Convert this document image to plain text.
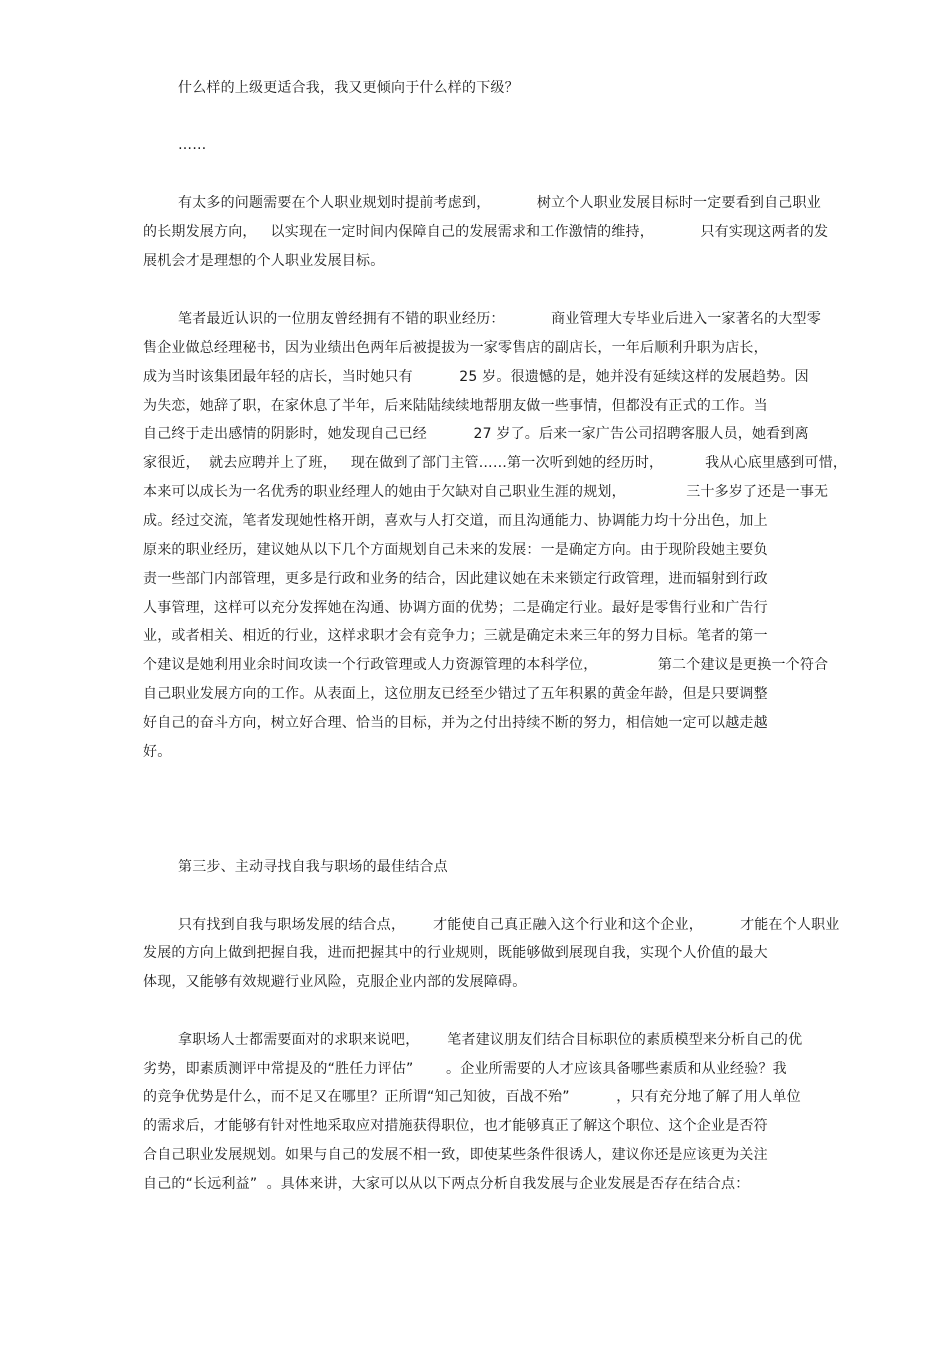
什么样的上级更适合我，我又更倾向于什么样的下级？

……

有太多的问题需要在个人职业规划时提前考虑到，          树立个人职业发展目标时一定要看到自己职业

的长期发展方向，   以实现在一定时间内保障自己的发展需求和工作激情的维持，          只有实现这两者的发

展机会才是理想的个人职业发展目标。

笔者最近认识的一位朋友曾经拥有不错的职业经历：          商业管理大专毕业后进入一家著名的大型零

售企业做总经理秘书，因为业绩出色两年后被提拔为一家零售店的副店长，一年后顺利升职为店长，

成为当时该集团最年轻的店长，当时她只有          25 岁。很遗憾的是，她并没有延续这样的发展趋势。因

为失恋，她辞了职，在家休息了半年，后来陆陆续续地帮朋友做一些事情，但都没有正式的工作。当

自己终于走出感情的阴影时，她发现自己已经          27 岁了。后来一家广告公司招聘客服人员，她看到离

家很近，  就去应聘并上了班，   现在做到了部门主管……第一次听到她的经历时，         我从心底里感到可惜，

本来可以成长为一名优秀的职业经理人的她由于欠缺对自己职业生涯的规划，             三十多岁了还是一事无

成。经过交流，笔者发现她性格开朗，喜欢与人打交道，而且沟通能力、协调能力均十分出色，加上

原来的职业经历，建议她从以下几个方面规划自己未来的发展：一是确定方向。由于现阶段她主要负

责一些部门内部管理，更多是行政和业务的结合，因此建议她在未来锁定行政管理，进而辐射到行政

人事管理，这样可以充分发挥她在沟通、协调方面的优势；二是确定行业。最好是零售行业和广告行

业，或者相关、相近的行业，这样求职才会有竞争力；三就是确定未来三年的努力目标。笔者的第一

个建议是她利用业余时间攻读一个行政管理或人力资源管理的本科学位，             第二个建议是更换一个符合

自己职业发展方向的工作。从表面上，这位朋友已经至少错过了五年积累的黄金年龄，但是只要调整

好自己的奋斗方向，树立好合理、恰当的目标，并为之付出持续不断的努力，相信她一定可以越走越

好。

第三步、主动寻找自我与职场的最佳结合点

只有找到自我与职场发展的结合点，      才能使自己真正融入这个行业和这个企业，        才能在个人职业

发展的方向上做到把握自我，进而把握其中的行业规则，既能够做到展现自我，实现个人价值的最大

体现，又能够有效规避行业风险，克服企业内部的发展障碍。

拿职场人士都需要面对的求职来说吧，      笔者建议朋友们结合目标职位的素质模型来分析自己的优

劣势，即素质测评中常提及的“胜任力评估”       。企业所需要的人才应该具备哪些素质和从业经验？我

的竞争优势是什么，而不足又在哪里？正所谓“知己知彼，百战不殆”          ，只有充分地了解了用人单位

的需求后，才能够有针对性地采取应对措施获得职位，也才能够真正了解这个职位、这个企业是否符

合自己职业发展规划。如果与自己的发展不相一致，即使某些条件很诱人，建议你还是应该更为关注

自己的“长远利益”  。具体来讲，大家可以从以下两点分析自我发展与企业发展是否存在结合点：
